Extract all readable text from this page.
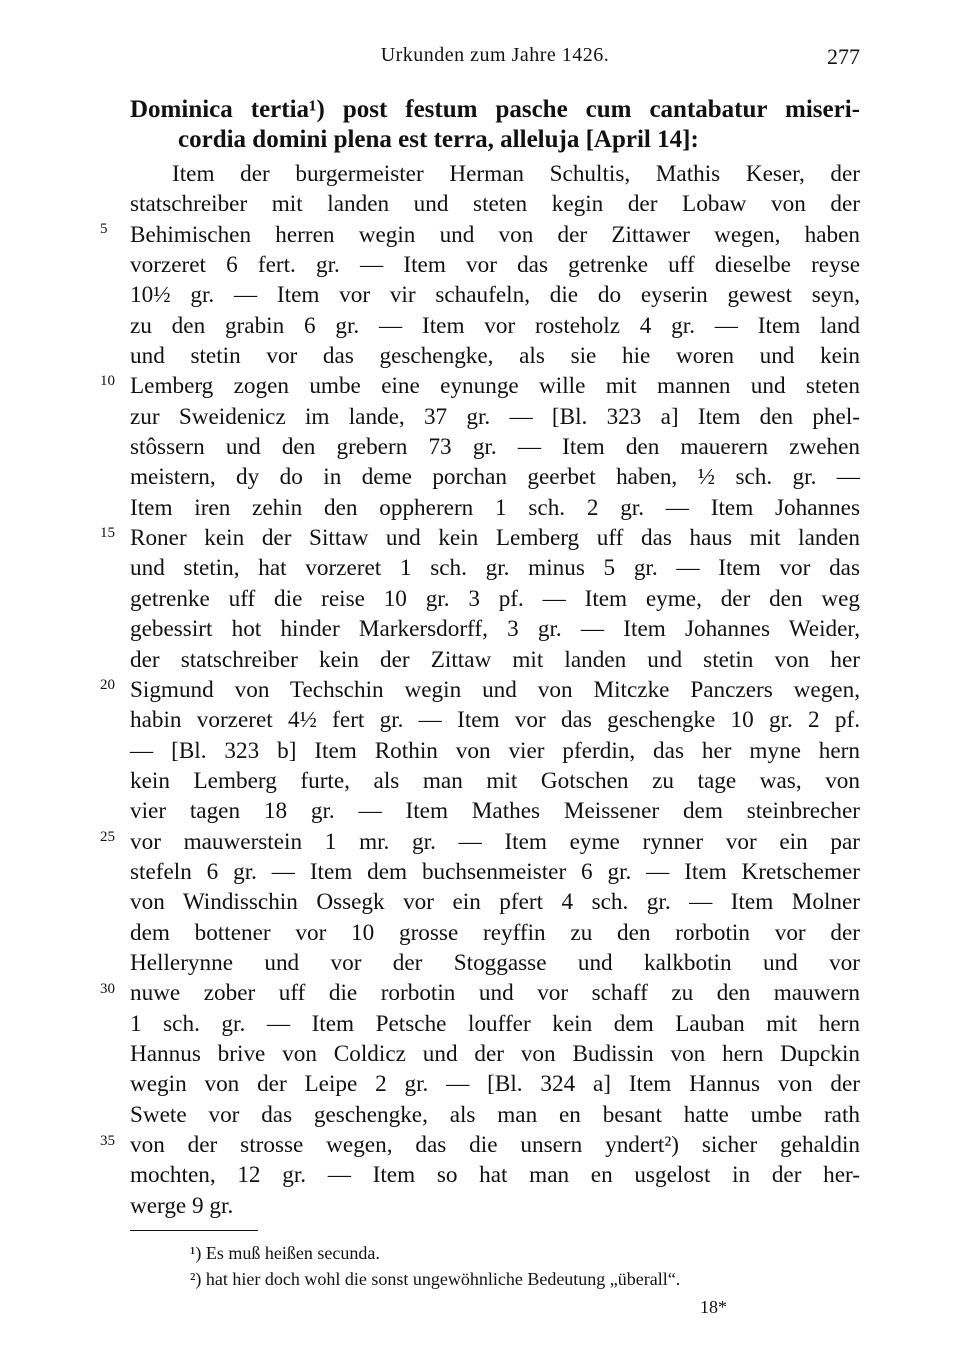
Urkunden zum Jahre 1426.	277
Dominica tertia¹) post festum pasche cum cantabatur miseri-
cordia domini plena est terra, alleluja [April 14]:
Item der burgermeister Herman Schultis, Mathis Keser, der
statschreiber mit landen und steten kegin der Lobaw von der
Behimischen herren wegin und von der Zittawer wegen, haben
vorzeret 6 fert. gr. — Item vor das getrenke uff dieselbe reyse
10½ gr. — Item vor vir schaufeln, die do eyserin gewest seyn,
zu den grabin 6 gr. — Item vor rosteholz 4 gr. — Item land
und stetin vor das geschengke, als sie hie woren und kein
Lemberg zogen umbe eine eynunge wille mit mannen und steten
zur Sweidenicz im lande, 37 gr. — [Bl. 323 a] Item den phel-
stôssern und den grebern 73 gr. — Item den mauerern zwehen
meistern, dy do in deme porchan geerbet haben, ½ sch. gr. —
Item iren zehin den oppherern 1 sch. 2 gr. — Item Johannes
Roner kein der Sittaw und kein Lemberg uff das haus mit landen
und stetin, hat vorzeret 1 sch. gr. minus 5 gr. — Item vor das
getrenke uff die reise 10 gr. 3 pf. — Item eyme, der den weg
gebessirt hot hinder Markersdorff, 3 gr. — Item Johannes Weider,
der statschreiber kein der Zittaw mit landen und stetin von her
Sigmund von Techschin wegin und von Mitczke Panczers wegen,
habin vorzeret 4½ fert gr. — Item vor das geschengke 10 gr. 2 pf.
— [Bl. 323 b] Item Rothin von vier pferdin, das her myne hern
kein Lemberg furte, als man mit Gotschen zu tage was, von
vier tagen 18 gr. — Item Mathes Meissener dem steinbrecher
vor mauwerstein 1 mr. gr. — Item eyme rynner vor ein par
stefeln 6 gr. — Item dem buchsenmeister 6 gr. — Item Kretschemer
von Windisschin Ossegk vor ein pfert 4 sch. gr. — Item Molner
dem bottener vor 10 grosse reyffin zu den rorbotin vor der
Hellerynne und vor der Stoggasse und kalkbotin und vor
nuwe zober uff die rorbotin und vor schaff zu den mauwern
1 sch. gr. — Item Petsche louffer kein dem Lauban mit hern
Hannus brive von Coldicz und der von Budissin von hern Dupckin
wegin von der Leipe 2 gr. — [Bl. 324 a] Item Hannus von der
Swete vor das geschengke, als man en besant hatte umbe rath
von der strosse wegen, das die unsern yndert²) sicher gehaldin
mochten, 12 gr. — Item so hat man en usgelost in der her-
werge 9 gr.
5
10
15
20
25
30
35
¹) Es muß heißen secunda.
²) hat hier doch wohl die sonst ungewöhnliche Bedeutung „überall“.
18*
